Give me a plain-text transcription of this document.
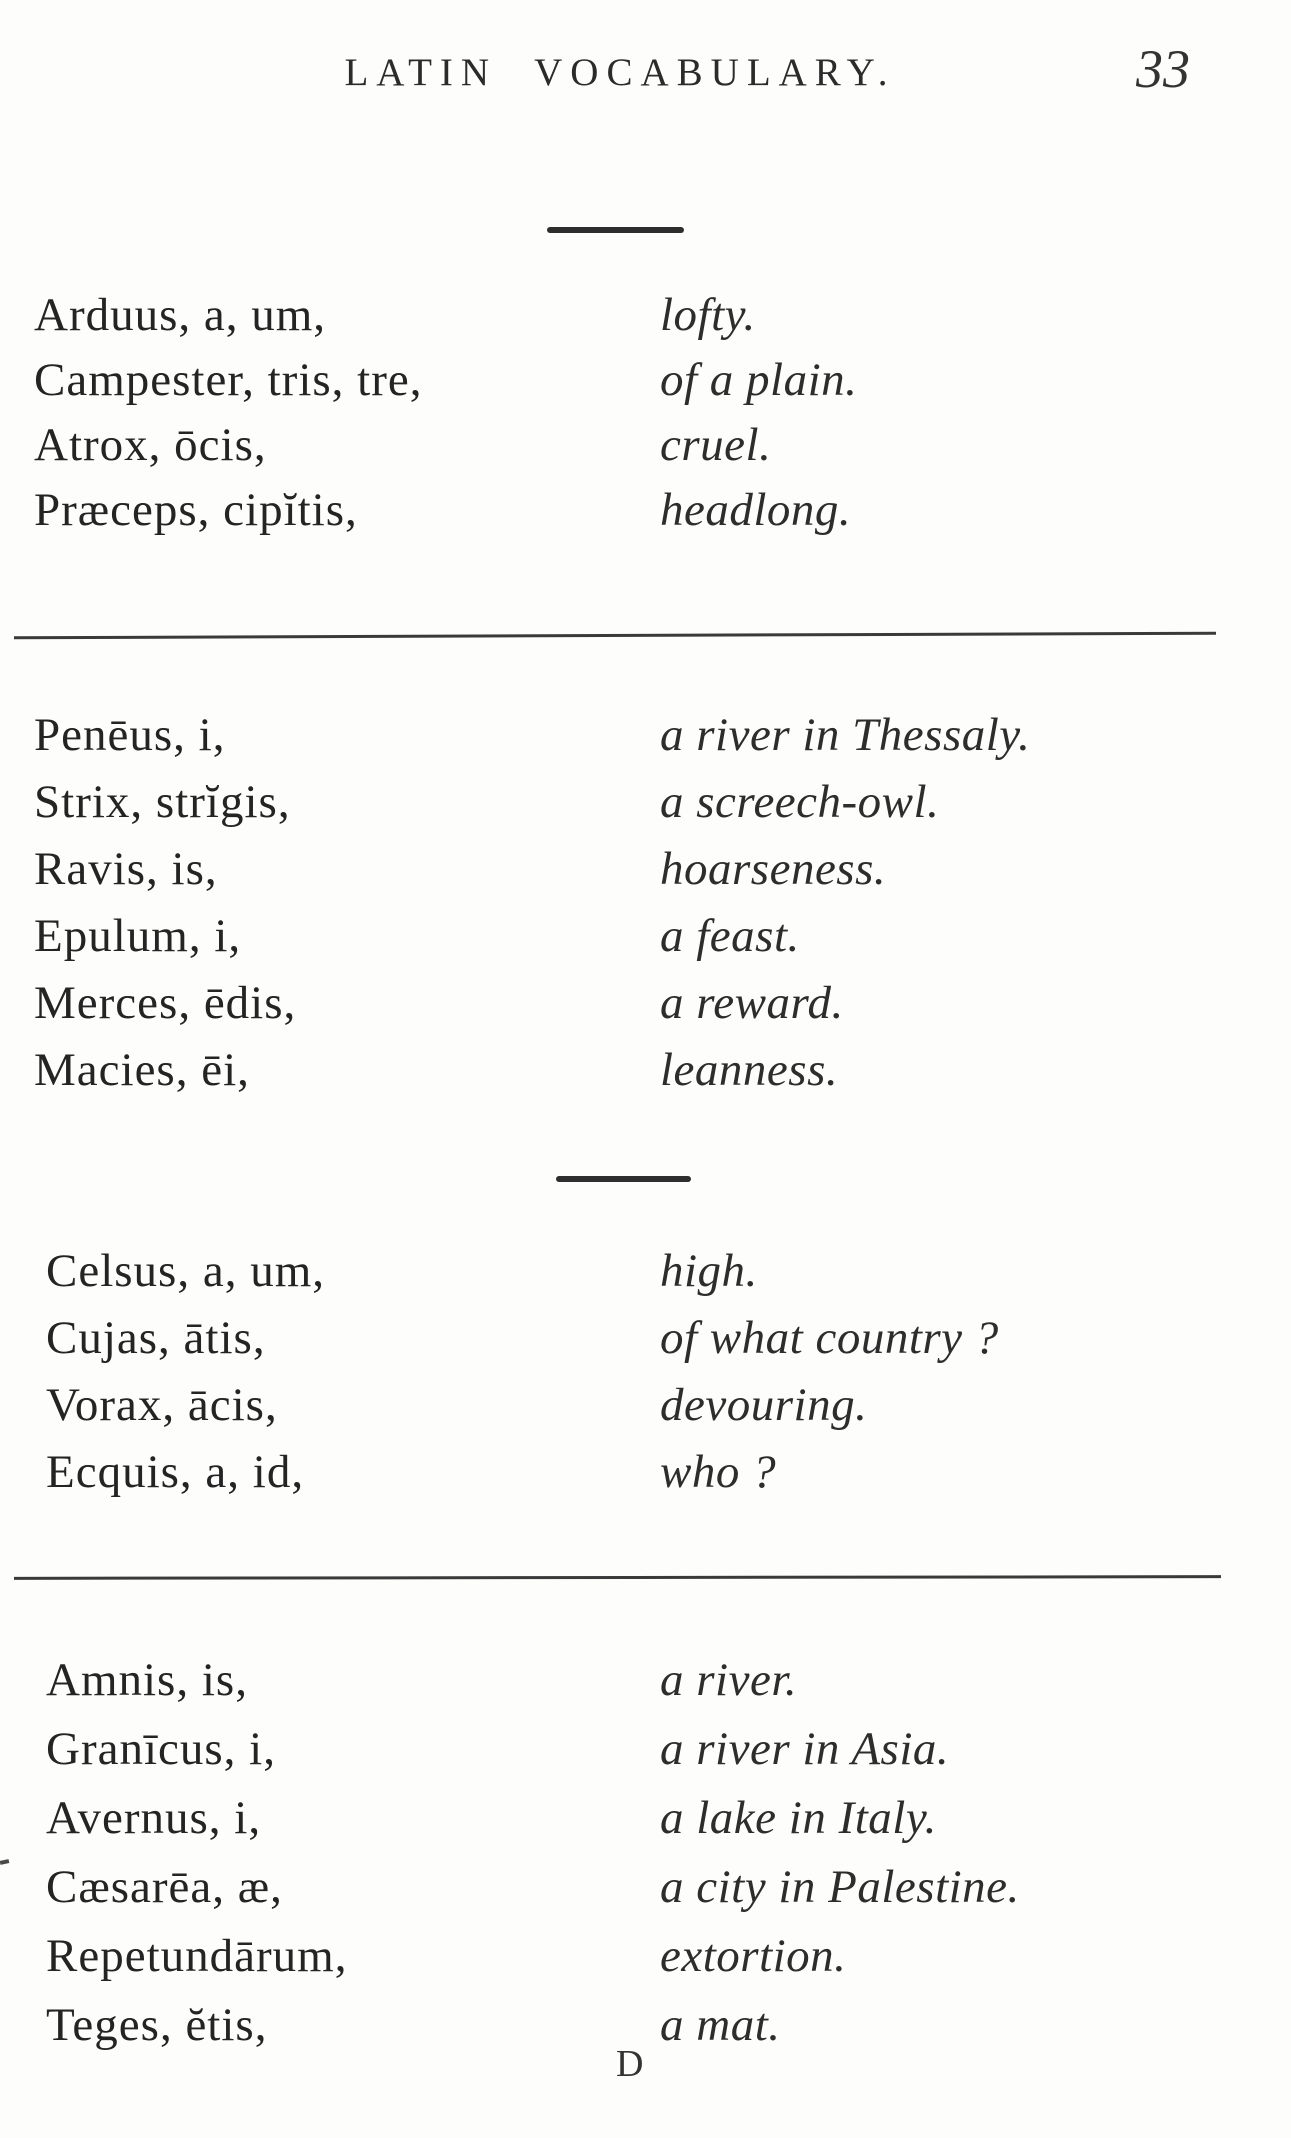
LATIN VOCABULARY.	33
Arduus, a, um,	lofty.
Campester, tris, tre,	of a plain.
Atrox, ōcis,	cruel.
Præceps, cipĭtis,	headlong.
Penēus, i,	a river in Thessaly.
Strix, strĭgis,	a screech-owl.
Ravis, is,	hoarseness.
Epulum, i,	a feast.
Merces, ēdis,	a reward.
Macies, ēi,	leanness.
Celsus, a, um,	high.
Cujas, ātis,	of what country ?
Vorax, ācis,	devouring.
Ecquis, a, id,	who ?
Amnis, is,	a river.
Granīcus, i,	a river in Asia.
Avernus, i,	a lake in Italy.
Cæsarēa, æ,	a city in Palestine.
Repetundārum,	extortion.
Teges, ĕtis,	a mat.
D
